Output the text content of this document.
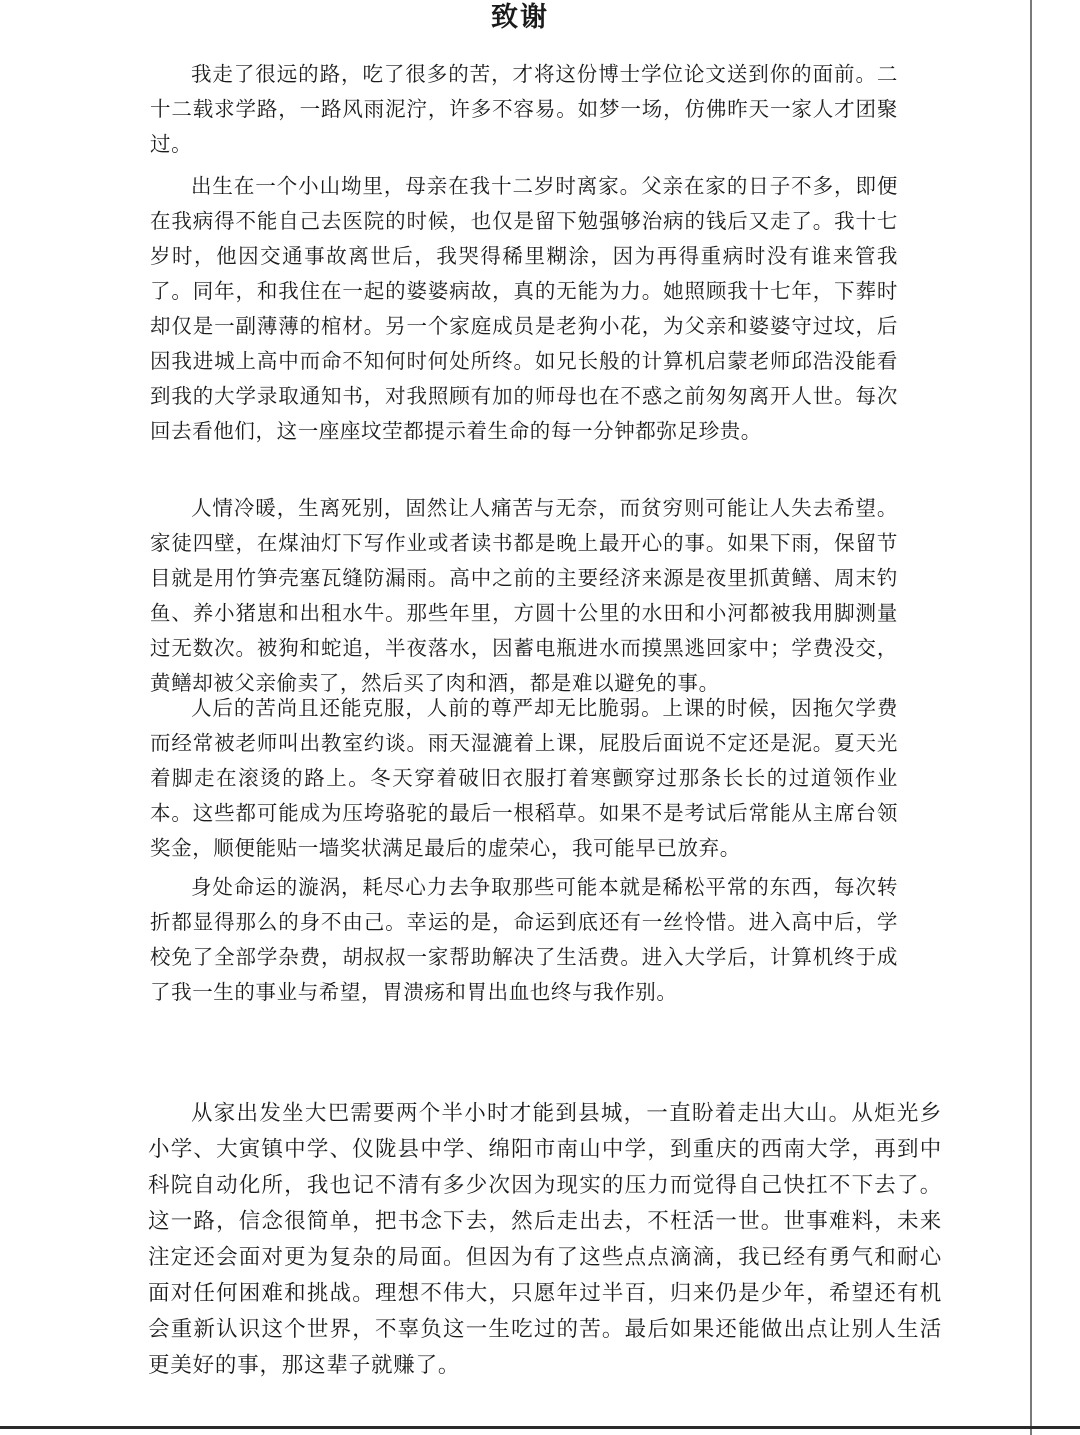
致谢

我走了很远的路，吃了很多的苦，才将这份博士学位论文送到你的面前。二十二载求学路，一路风雨泥泞，许多不容易。如梦一场，仿佛昨天一家人才团聚过。

出生在一个小山坳里，母亲在我十二岁时离家。父亲在家的日子不多，即便在我病得不能自己去医院的时候，也仅是留下勉强够治病的钱后又走了。我十七岁时，他因交通事故离世后，我哭得稀里糊涂，因为再得重病时没有谁来管我了。同年，和我住在一起的婆婆病故，真的无能为力。她照顾我十七年，下葬时却仅是一副薄薄的棺材。另一个家庭成员是老狗小花，为父亲和婆婆守过坟，后因我进城上高中而命不知何时何处所终。如兄长般的计算机启蒙老师邱浩没能看到我的大学录取通知书，对我照顾有加的师母也在不惑之前匆匆离开人世。每次回去看他们，这一座座坟茔都提示着生命的每一分钟都弥足珍贵。

人情冷暖，生离死别，固然让人痛苦与无奈，而贫穷则可能让人失去希望。家徒四壁，在煤油灯下写作业或者读书都是晚上最开心的事。如果下雨，保留节目就是用竹笋壳塞瓦缝防漏雨。高中之前的主要经济来源是夜里抓黄鳝、周末钓鱼、养小猪崽和出租水牛。那些年里，方圆十公里的水田和小河都被我用脚测量过无数次。被狗和蛇追，半夜落水，因蓄电瓶进水而摸黑逃回家中；学费没交，黄鳝却被父亲偷卖了，然后买了肉和酒，都是难以避免的事。

人后的苦尚且还能克服，人前的尊严却无比脆弱。上课的时候，因拖欠学费而经常被老师叫出教室约谈。雨天湿漉着上课，屁股后面说不定还是泥。夏天光着脚走在滚烫的路上。冬天穿着破旧衣服打着寒颤穿过那条长长的过道领作业本。这些都可能成为压垮骆驼的最后一根稻草。如果不是考试后常能从主席台领奖金，顺便能贴一墙奖状满足最后的虚荣心，我可能早已放弃。

身处命运的漩涡，耗尽心力去争取那些可能本就是稀松平常的东西，每次转折都显得那么的身不由己。幸运的是，命运到底还有一丝怜惜。进入高中后，学校免了全部学杂费，胡叔叔一家帮助解决了生活费。进入大学后，计算机终于成了我一生的事业与希望，胃溃疡和胃出血也终与我作别。

从家出发坐大巴需要两个半小时才能到县城，一直盼着走出大山。从炬光乡小学、大寅镇中学、仪陇县中学、绵阳市南山中学，到重庆的西南大学，再到中科院自动化所，我也记不清有多少次因为现实的压力而觉得自己快扛不下去了。这一路，信念很简单，把书念下去，然后走出去，不枉活一世。世事难料，未来注定还会面对更为复杂的局面。但因为有了这些点点滴滴，我已经有勇气和耐心面对任何困难和挑战。理想不伟大，只愿年过半百，归来仍是少年，希望还有机会重新认识这个世界，不辜负这一生吃过的苦。最后如果还能做出点让别人生活更美好的事，那这辈子就赚了。
